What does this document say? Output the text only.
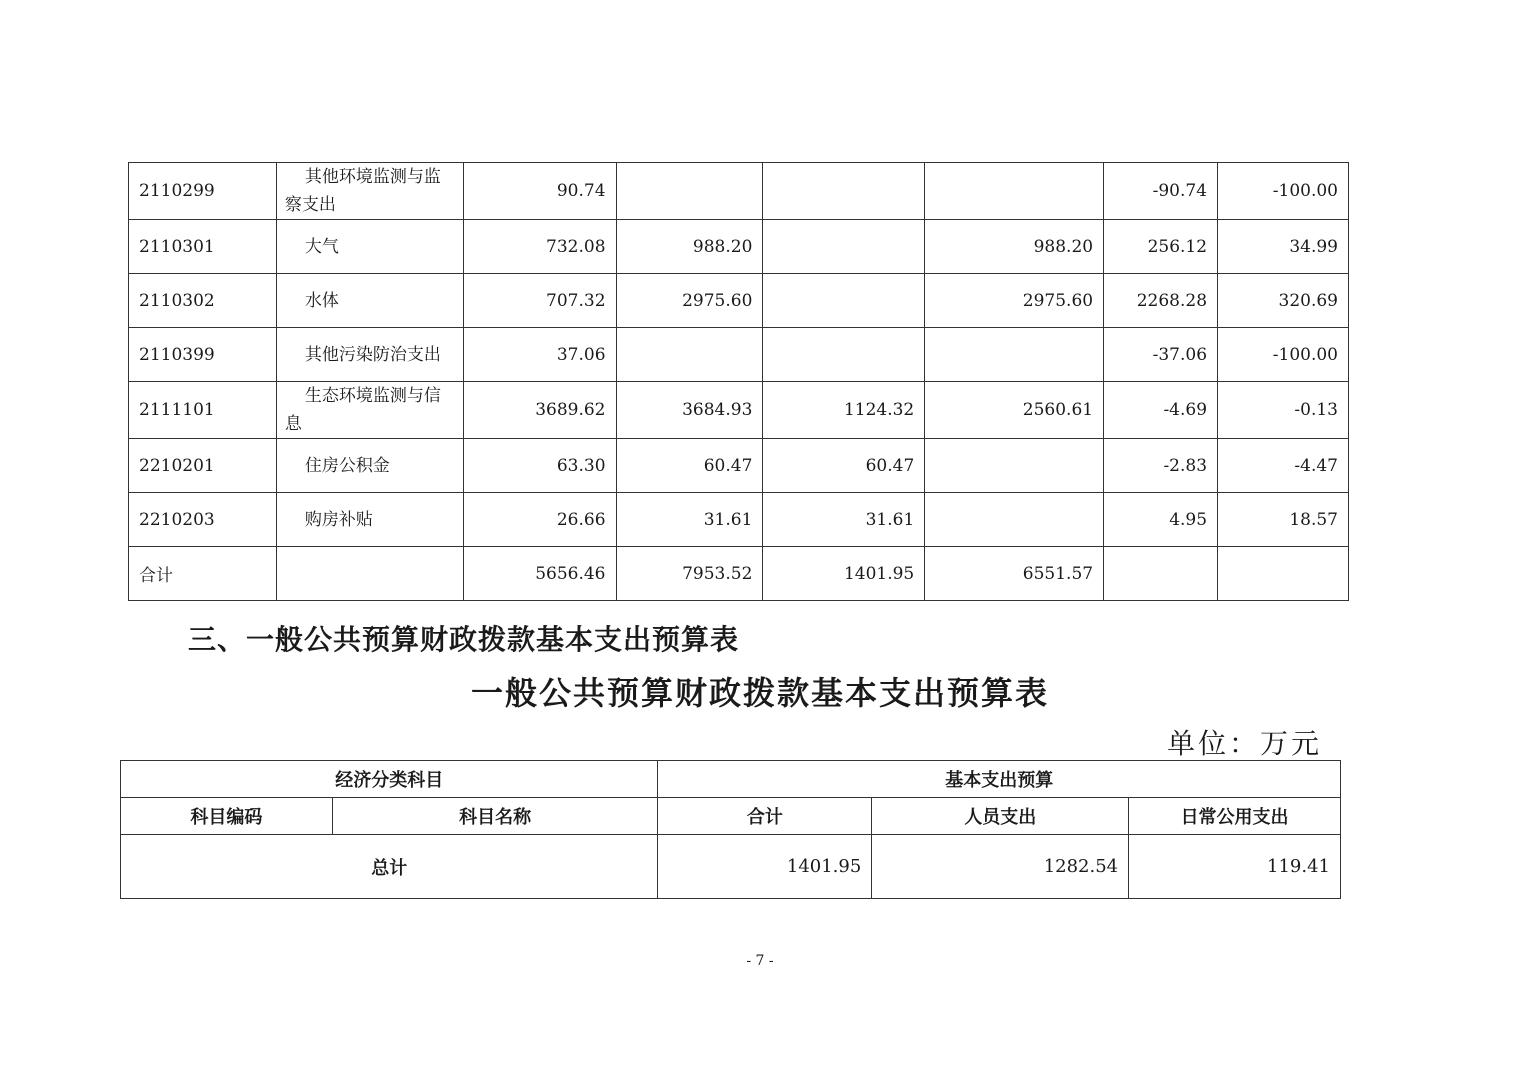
2110299	其他环境监测与监察支出	90.74				-90.74	-100.00
2110301	大气	732.08	988.20		988.20	256.12	34.99
2110302	水体	707.32	2975.60		2975.60	2268.28	320.69
2110399	其他污染防治支出	37.06				-37.06	-100.00
2111101	生态环境监测与信息	3689.62	3684.93	1124.32	2560.61	-4.69	-0.13
2210201	住房公积金	63.30	60.47	60.47		-2.83	-4.47
2210203	购房补贴	26.66	31.61	31.61		4.95	18.57
合计		5656.46	7953.52	1401.95	6551.57		
三、一般公共预算财政拨款基本支出预算表
一般公共预算财政拨款基本支出预算表
单位：万元
经济分类科目		基本支出预算		
科目编码	科目名称	合计	人员支出	日常公用支出
总计		1401.95	1282.54	119.41
- 7 -
